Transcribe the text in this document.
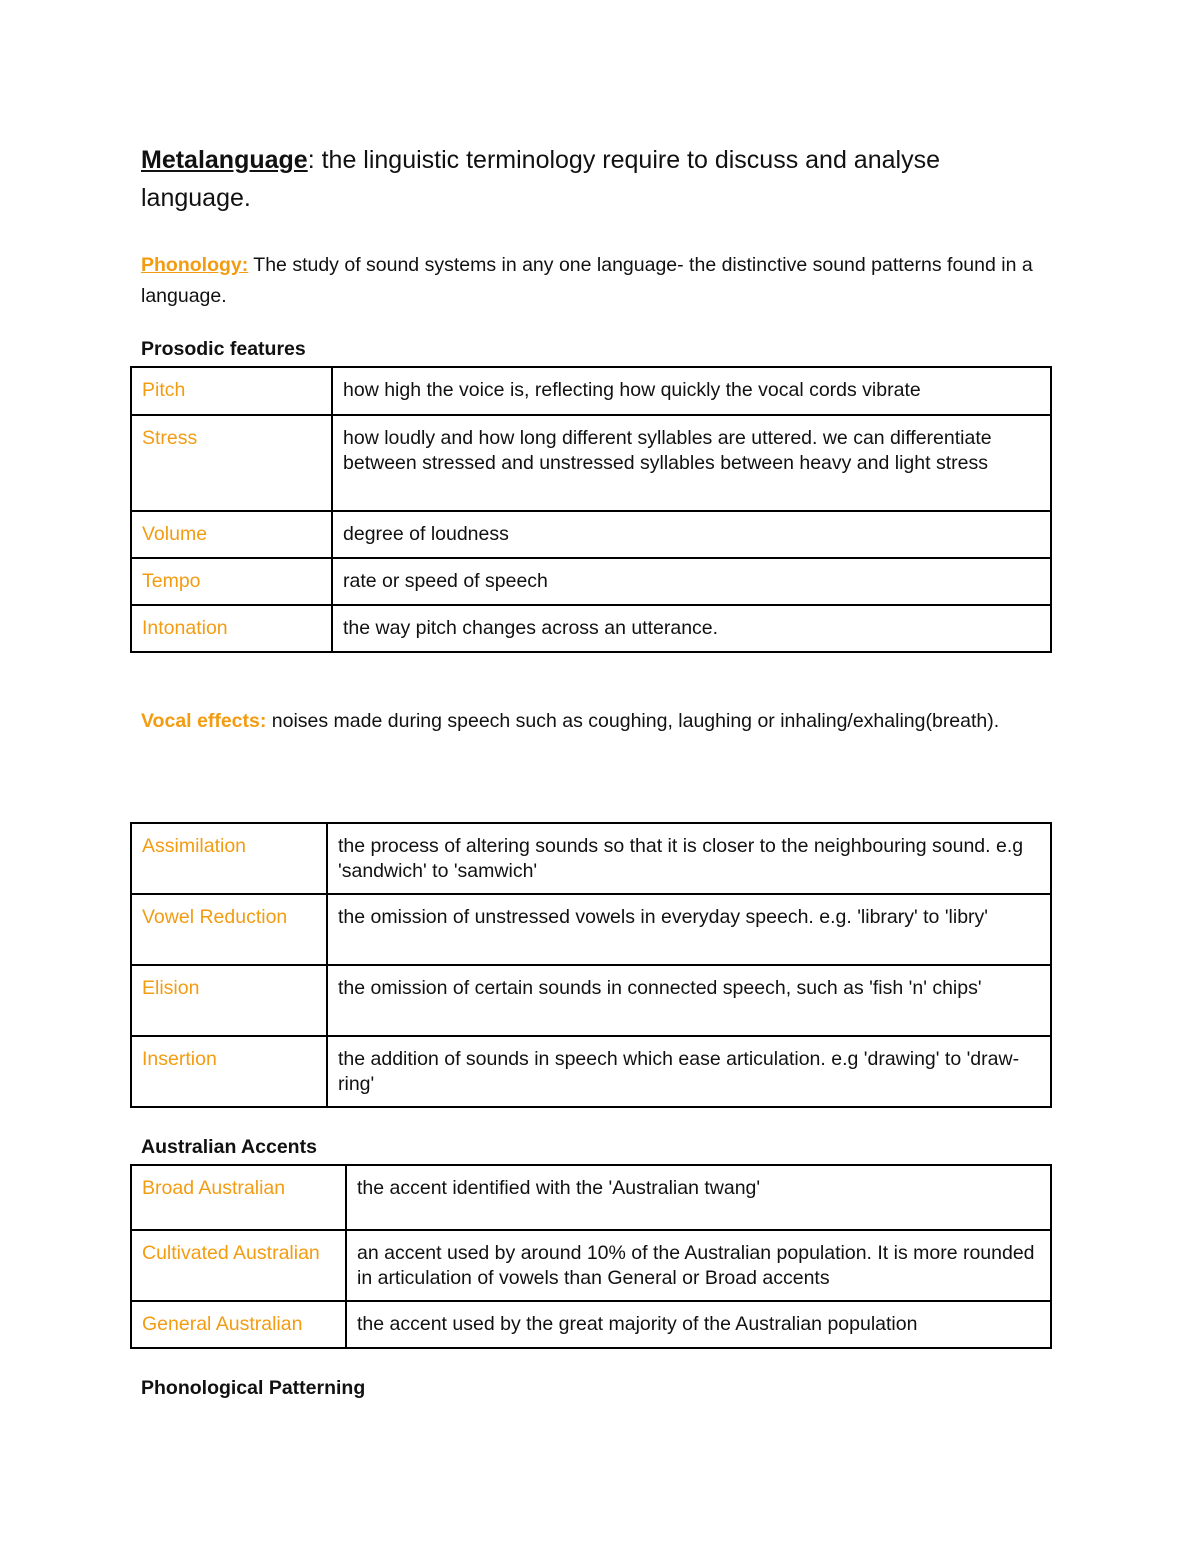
Metalanguage: the linguistic terminology require to discuss and analyse language.
Phonology: The study of sound systems in any one language- the distinctive sound patterns found in a language.
Prosodic features
Pitch	how high the voice is, reflecting how quickly the vocal cords vibrate
Stress	how loudly and how long different syllables are uttered. we can differentiate between stressed and unstressed syllables between heavy and light stress
Volume	degree of loudness
Tempo	rate or speed of speech
Intonation	the way pitch changes across an utterance.
Vocal effects: noises made during speech such as coughing, laughing or inhaling/exhaling(breath).
Assimilation	the process of altering sounds so that it is closer to the neighbouring sound. e.g 'sandwich' to 'samwich'
Vowel Reduction	the omission of unstressed vowels in everyday speech. e.g. 'library' to 'libry'
Elision	the omission of certain sounds in connected speech, such as 'fish 'n' chips'
Insertion	the addition of sounds in speech which ease articulation. e.g 'drawing' to 'draw-ring'
Australian Accents
Broad Australian	the accent identified with the 'Australian twang'
Cultivated Australian	an accent used by around 10% of the Australian population. It is more rounded in articulation of vowels than General or Broad accents
General Australian	the accent used by the great majority of the Australian population
Phonological Patterning
